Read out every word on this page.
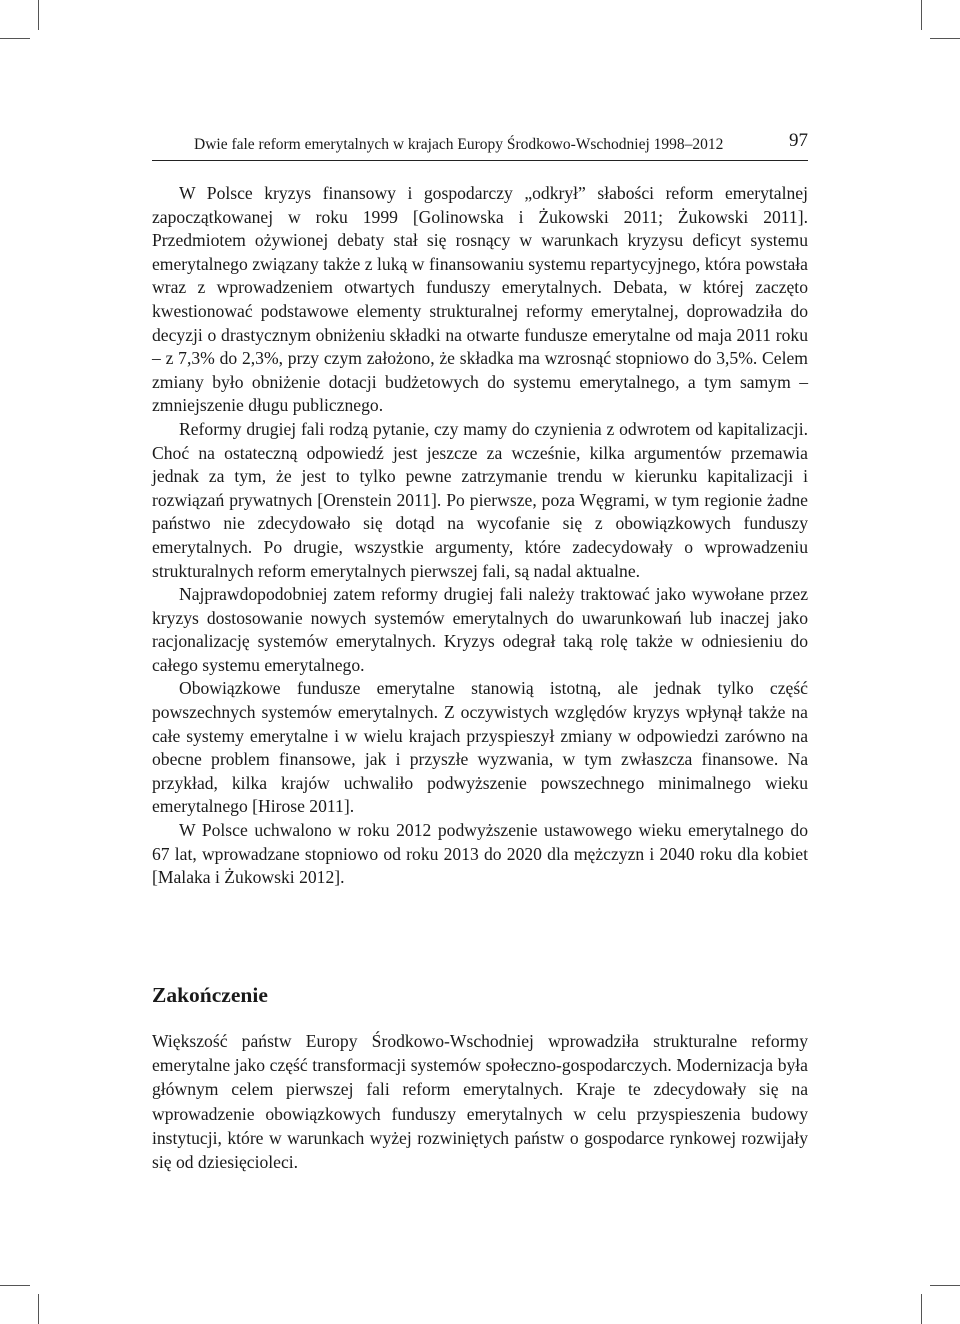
Dwie fale reform emerytalnych w krajach Europy Środkowo-Wschodniej 1998–2012	97

W Polsce kryzys finansowy i gospodarczy „odkrył” słabości reform emerytalnej zapoczątkowanej w roku 1999 [Golinowska i Żukowski 2011; Żukowski 2011]. Przedmiotem ożywionej debaty stał się rosnący w warunkach kryzysu deficyt systemu emerytalnego związany także z luką w finansowaniu systemu repartycyjnego, która powstała wraz z wprowadzeniem otwartych funduszy emerytalnych. Debata, w której zaczęto kwestionować podstawowe elementy strukturalnej reformy emerytalnej, doprowadziła do decyzji o drastycznym obniżeniu składki na otwarte fundusze emerytalne od maja 2011 roku – z 7,3% do 2,3%, przy czym założono, że składka ma wzrosnąć stopniowo do 3,5%. Celem zmiany było obniżenie dotacji budżetowych do systemu emerytalnego, a tym samym – zmniejszenie długu publicznego.

Reformy drugiej fali rodzą pytanie, czy mamy do czynienia z odwrotem od kapitalizacji. Choć na ostateczną odpowiedź jest jeszcze za wcześnie, kilka argumentów przemawia jednak za tym, że jest to tylko pewne zatrzymanie trendu w kierunku kapitalizacji i rozwiązań prywatnych [Orenstein 2011]. Po pierwsze, poza Węgrami, w tym regionie żadne państwo nie zdecydowało się dotąd na wycofanie się z obowiązkowych funduszy emerytalnych. Po drugie, wszystkie argumenty, które zadecydowały o wprowadzeniu strukturalnych reform emerytalnych pierwszej fali, są nadal aktualne.

Najprawdopodobniej zatem reformy drugiej fali należy traktować jako wywołane przez kryzys dostosowanie nowych systemów emerytalnych do uwarunkowań lub inaczej jako racjonalizację systemów emerytalnych. Kryzys odegrał taką rolę także w odniesieniu do całego systemu emerytalnego.

Obowiązkowe fundusze emerytalne stanowią istotną, ale jednak tylko część powszechnych systemów emerytalnych. Z oczywistych względów kryzys wpłynął także na całe systemy emerytalne i w wielu krajach przyspieszył zmiany w odpowiedzi zarówno na obecne problem finansowe, jak i przyszłe wyzwania, w tym zwłaszcza finansowe. Na przykład, kilka krajów uchwaliło podwyższenie powszechnego minimalnego wieku emerytalnego [Hirose 2011].

W Polsce uchwalono w roku 2012 podwyższenie ustawowego wieku emerytalnego do 67 lat, wprowadzane stopniowo od roku 2013 do 2020 dla mężczyzn i 2040 roku dla kobiet [Malaka i Żukowski 2012].

Zakończenie

Większość państw Europy Środkowo-Wschodniej wprowadziła strukturalne reformy emerytalne jako część transformacji systemów społeczno-gospodarczych. Modernizacja była głównym celem pierwszej fali reform emerytalnych. Kraje te zdecydowały się na wprowadzenie obowiązkowych funduszy emerytalnych w celu przyspieszenia budowy instytucji, które w warunkach wyżej rozwiniętych państw o gospodarce rynkowej rozwijały się od dziesięcioleci.
